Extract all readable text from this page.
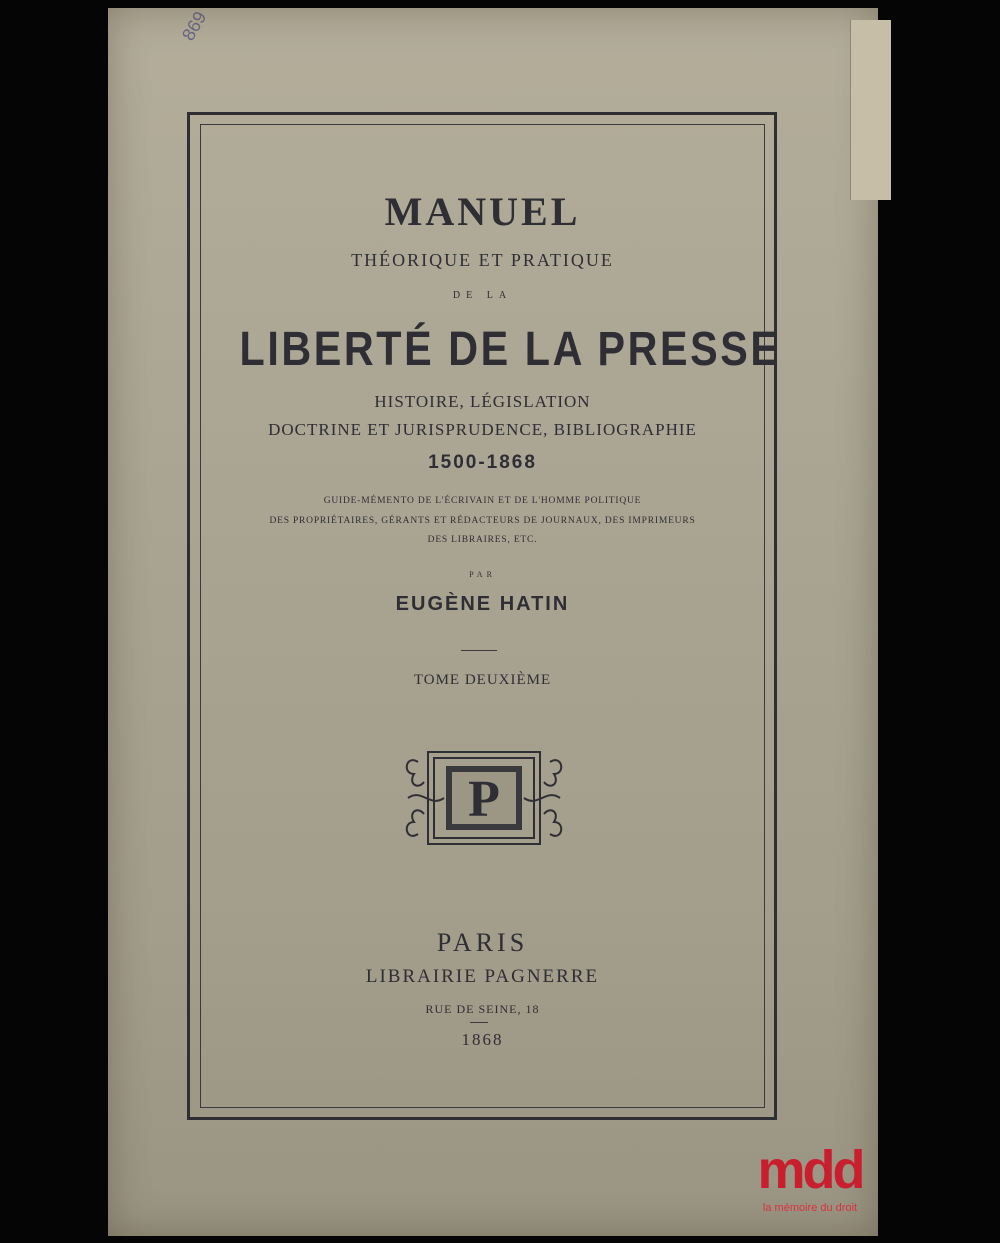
869
MANUEL
THÉORIQUE ET PRATIQUE
DE LA
LIBERTÉ DE LA PRESSE
HISTOIRE, LÉGISLATION
DOCTRINE ET JURISPRUDENCE, BIBLIOGRAPHIE
1500-1868
GUIDE-MÉMENTO DE L'ÉCRIVAIN ET DE L'HOMME POLITIQUE
DES PROPRIÉTAIRES, GÉRANTS ET RÉDACTEURS DE JOURNAUX, DES IMPRIMEURS
DES LIBRAIRES, ETC.
PAR
EUGÈNE HATIN
TOME DEUXIÈME
P
PARIS
LIBRAIRIE PAGNERRE
RUE DE SEINE, 18
1868
mdd
la mémoire du droit
